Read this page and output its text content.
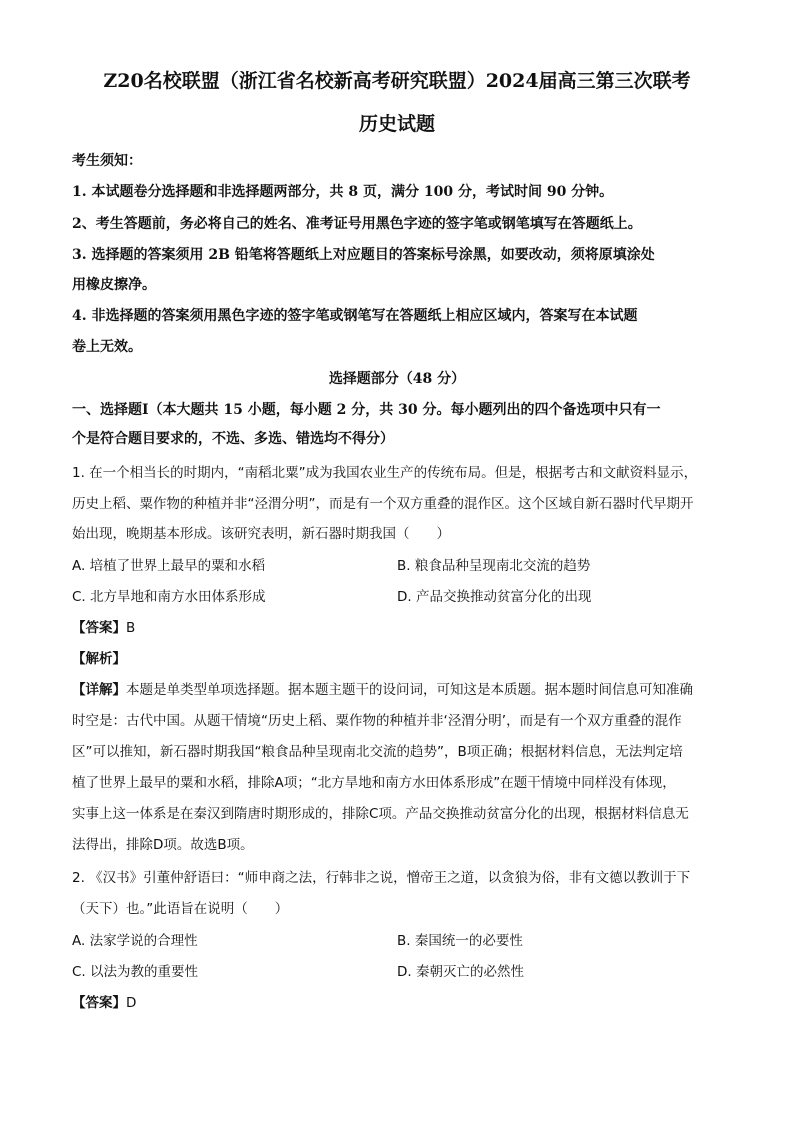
Z20名校联盟（浙江省名校新高考研究联盟）2024届高三第三次联考
历史试题
考生须知：
1. 本试题卷分选择题和非选择题两部分，共 8 页，满分 100 分，考试时间 90 分钟。
2、考生答题前，务必将自己的姓名、准考证号用黑色字迹的签字笔或钢笔填写在答题纸上。
3. 选择题的答案须用 2B 铅笔将答题纸上对应题目的答案标号涂黑，如要改动，须将原填涂处
用橡皮擦净。
4. 非选择题的答案须用黑色字迹的签字笔或钢笔写在答题纸上相应区域内，答案写在本试题
卷上无效。
选择题部分（48 分）
一、选择题Ⅰ（本大题共 15 小题，每小题 2 分，共 30 分。每小题列出的四个备选项中只有一
个是符合题目要求的，不选、多选、错选均不得分）
1. 在一个相当长的时期内，“南稻北粟”成为我国农业生产的传统布局。但是，根据考古和文献资料显示，
历史上稻、粟作物的种植并非“泾渭分明”，而是有一个双方重叠的混作区。这个区域自新石器时代早期开
始出现，晚期基本形成。该研究表明，新石器时期我国（　　）
A. 培植了世界上最早的粟和水稻	B. 粮食品种呈现南北交流的趋势
C. 北方旱地和南方水田体系形成	D. 产品交换推动贫富分化的出现
【答案】B
【解析】
【详解】本题是单类型单项选择题。据本题主题干的设问词，可知这是本质题。据本题时间信息可知准确
时空是：古代中国。从题干情境“历史上稻、粟作物的种植并非‘泾渭分明’，而是有一个双方重叠的混作
区”可以推知，新石器时期我国“粮食品种呈现南北交流的趋势”，B项正确；根据材料信息，无法判定培
植了世界上最早的粟和水稻，排除A项；“北方旱地和南方水田体系形成”在题干情境中同样没有体现，
实事上这一体系是在秦汉到隋唐时期形成的，排除C项。产品交换推动贫富分化的出现，根据材料信息无
法得出，排除D项。故选B项。
2. 《汉书》引董仲舒语曰：“师申商之法，行韩非之说，憎帝王之道，以贪狼为俗，非有文德以教训于下
（天下）也。”此语旨在说明（　　）
A. 法家学说的合理性	B. 秦国统一的必要性
C. 以法为教的重要性	D. 秦朝灭亡的必然性
【答案】D
